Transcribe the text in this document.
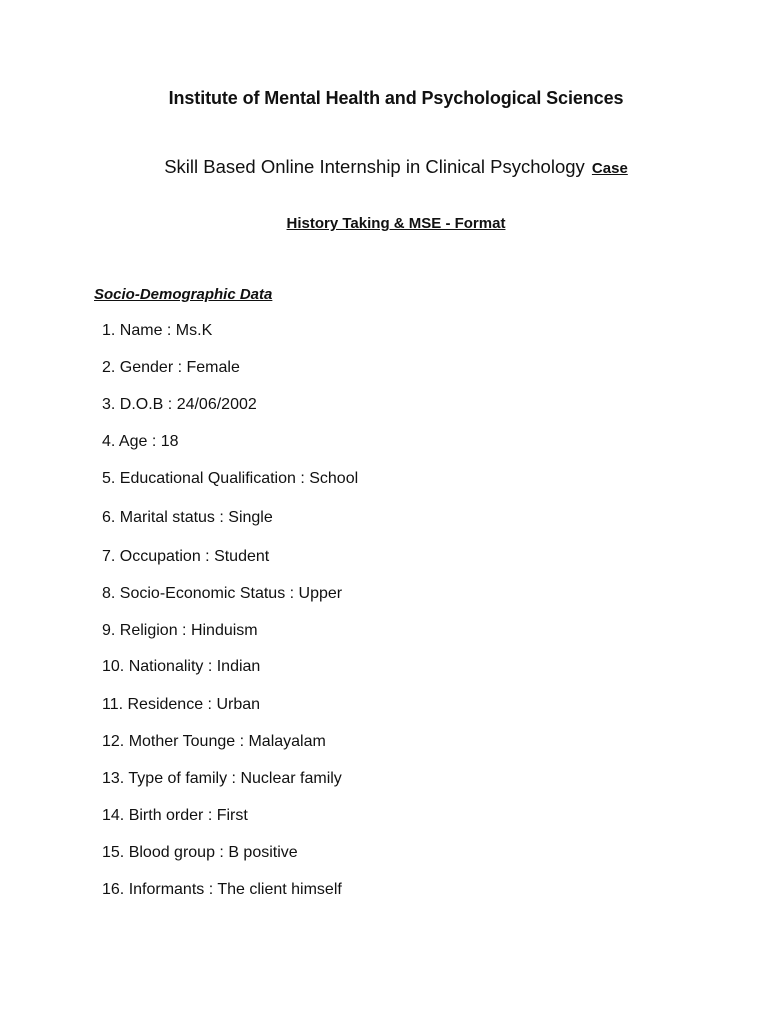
Institute of Mental Health and Psychological Sciences
Skill Based Online Internship in Clinical Psychology Case
History Taking & MSE - Format
Socio-Demographic Data
1. Name : Ms.K
2. Gender : Female
3. D.O.B : 24/06/2002
4. Age : 18
5. Educational Qualification : School
6. Marital status : Single
7. Occupation : Student
8. Socio-Economic Status : Upper
9. Religion : Hinduism
10. Nationality : Indian
11. Residence : Urban
12. Mother Tounge : Malayalam
13. Type of family : Nuclear family
14. Birth order : First
15. Blood group : B positive
16. Informants : The client himself
